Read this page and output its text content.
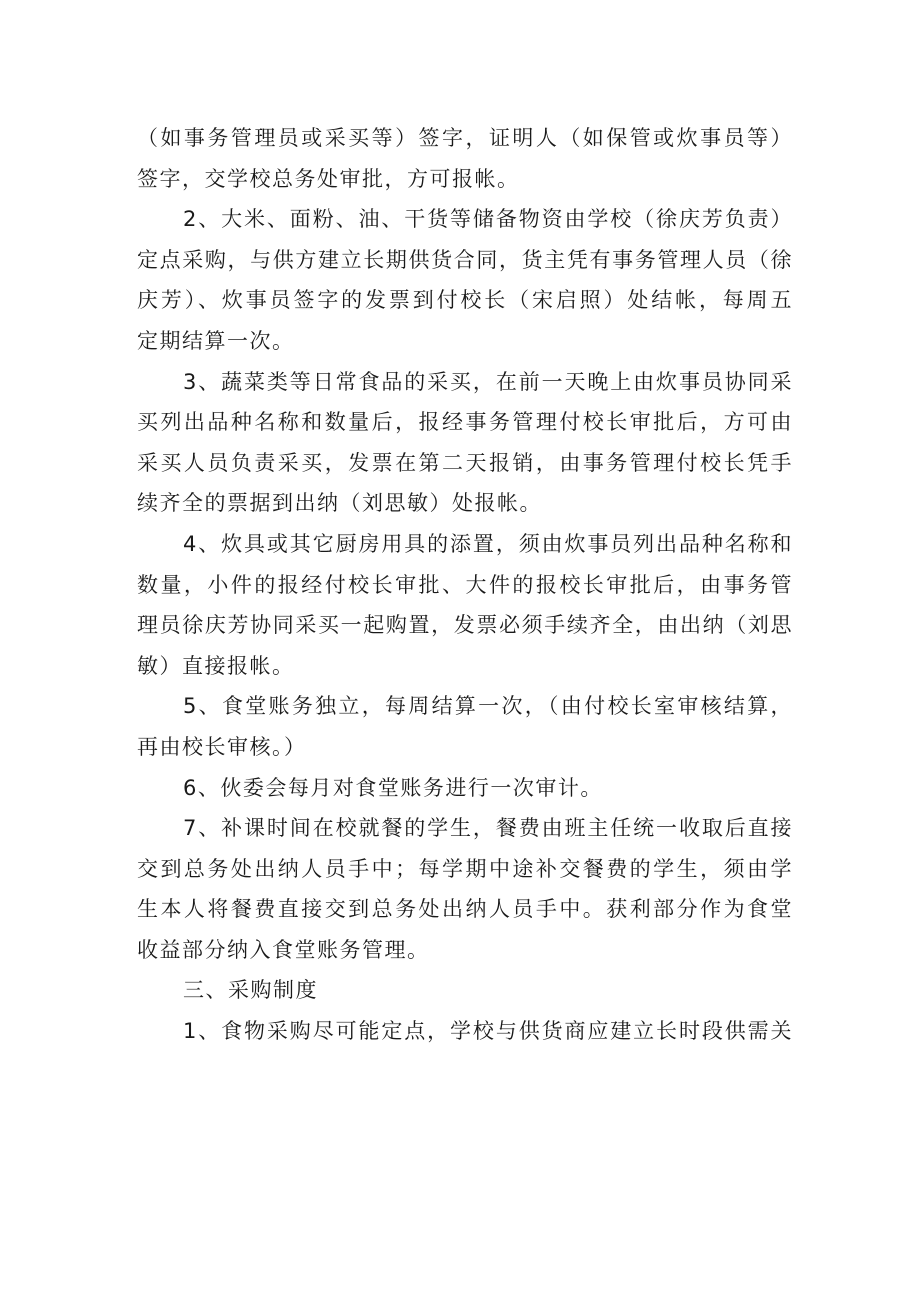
（如事务管理员或采买等）签字，证明人（如保管或炊事员等）
签字，交学校总务处审批，方可报帐。
2、大米、面粉、油、干货等储备物资由学校（徐庆芳负责）
定点采购，与供方建立长期供货合同，货主凭有事务管理人员（徐
庆芳）、炊事员签字的发票到付校长（宋启照）处结帐，每周五
定期结算一次。
3、蔬菜类等日常食品的采买，在前一天晚上由炊事员协同采
买列出品种名称和数量后，报经事务管理付校长审批后，方可由
采买人员负责采买，发票在第二天报销，由事务管理付校长凭手
续齐全的票据到出纳（刘思敏）处报帐。
4、炊具或其它厨房用具的添置，须由炊事员列出品种名称和
数量，小件的报经付校长审批、大件的报校长审批后，由事务管
理员徐庆芳协同采买一起购置，发票必须手续齐全，由出纳（刘思
敏）直接报帐。
5、食堂账务独立，每周结算一次，（由付校长室审核结算，
再由校长审核。）
6、伙委会每月对食堂账务进行一次审计。
7、补课时间在校就餐的学生，餐费由班主任统一收取后直接
交到总务处出纳人员手中；每学期中途补交餐费的学生，须由学
生本人将餐费直接交到总务处出纳人员手中。获利部分作为食堂
收益部分纳入食堂账务管理。
三、采购制度
1、食物采购尽可能定点，学校与供货商应建立长时段供需关
